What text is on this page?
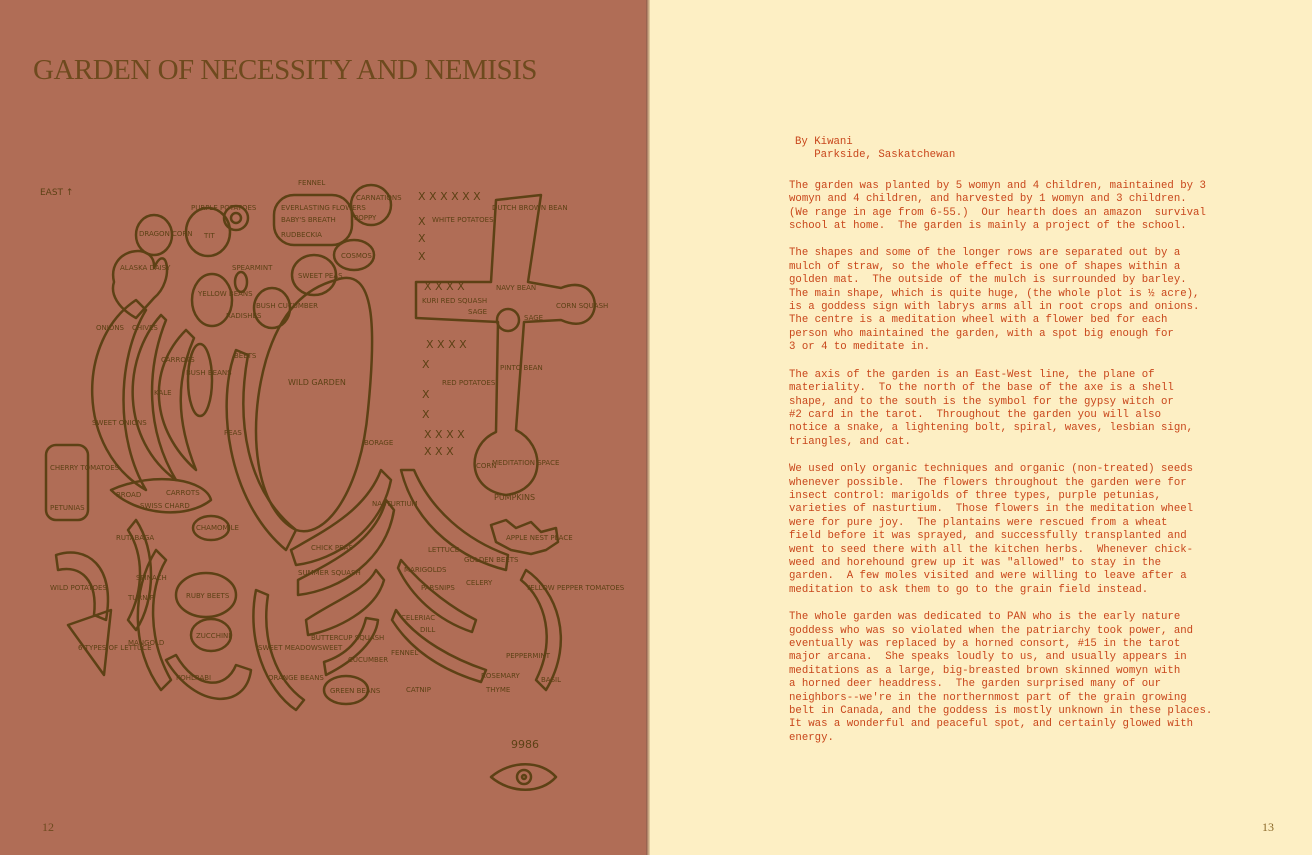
GARDEN OF NECESSITY AND NEMISIS
EAST ↑
ALASKA DAISY
DRAGON CORN
PURPLE POTATOES
TIT
FENNEL
EVERLASTING FLOWERS
BABY'S BREATH
RUDBECKIA
CARNATIONS
POPPY
COSMOS
SWEET PEAS
SPEARMINT
YELLOW BEANS
RADISHES
BUSH CUCUMBER
ONIONS CHIVES
CARROTS
KALE
BUSH BEANS
BEETS
PEAS
SWEET ONIONS
WILD GARDEN
WHITE POTATOES
DUTCH BROWN BEAN
NAVY BEAN
KURI RED SQUASH
SAGE
SAGE
CORN SQUASH
PINTO BEAN
RED POTATOES
CORN
MEDITATION SPACE
PUMPKINS
APPLE NEST PLACE
X X X X X X
X
X
X
X X X X
X X X X
X
X
X
X X X X
X X X
CHERRY TOMATOES
PETUNIAS
BROAD
SWISS CHARD
CARROTS
CHAMOMILE
CHICK PEAS
SUMMER SQUASH
NASTURTIUM
BORAGE
LETTUCE
GOLDEN BEETS
MARIGOLDS
PARSNIPS
CELERY
CELERIAC
DILL
FENNEL
CATNIP
ROSEMARY
THYME
PEPPERMINT
YELLOW PEPPER TOMATOES
BASIL
WILD POTATOES
6 TYPES OF LETTUCE
RUTABAGA
TURNIP
SPINACH
MANGOLD
RUBY BEETS
ZUCCHINI
KOHLRABI	ORANGE BEANS
SWEET MEADOWSWEET
BUTTERCUP SQUASH
CUCUMBER
GREEN BEANS
9986
12	13
By Kiwani
Parkside, Saskatchewan
The garden was planted by 5 womyn and 4 children, maintained by 3
womyn and 4 children, and harvested by 1 womyn and 3 children.
(We range in age from 6-55.)  Our hearth does an amazon  survival
school at home.  The garden is mainly a project of the school.
The shapes and some of the longer rows are separated out by a
mulch of straw, so the whole effect is one of shapes within a
golden mat.  The outside of the mulch is surrounded by barley.
The main shape, which is quite huge, (the whole plot is ½ acre),
is a goddess sign with labrys arms all in root crops and onions.
The centre is a meditation wheel with a flower bed for each
person who maintained the garden, with a spot big enough for
3 or 4 to meditate in.
The axis of the garden is an East-West line, the plane of
materiality.  To the north of the base of the axe is a shell
shape, and to the south is the symbol for the gypsy witch or
#2 card in the tarot.  Throughout the garden you will also
notice a snake, a lightening bolt, spiral, waves, lesbian sign,
triangles, and cat.
We used only organic techniques and organic (non-treated) seeds
whenever possible.  The flowers throughout the garden were for
insect control: marigolds of three types, purple petunias,
varieties of nasturtium.  Those flowers in the meditation wheel
were for pure joy.  The plantains were rescued from a wheat
field before it was sprayed, and successfully transplanted and
went to seed there with all the kitchen herbs.  Whenever chick-
weed and horehound grew up it was "allowed" to stay in the
garden.  A few moles visited and were willing to leave after a
meditation to ask them to go to the grain field instead.
The whole garden was dedicated to PAN who is the early nature
goddess who was so violated when the patriarchy took power, and
eventually was replaced by a horned consort, #15 in the tarot
major arcana.  She speaks loudly to us, and usually appears in
meditations as a large, big-breasted brown skinned womyn with
a horned deer headdress.  The garden surprised many of our
neighbors--we're in the northernmost part of the grain growing
belt in Canada, and the goddess is mostly unknown in these places.
It was a wonderful and peaceful spot, and certainly glowed with
energy.
